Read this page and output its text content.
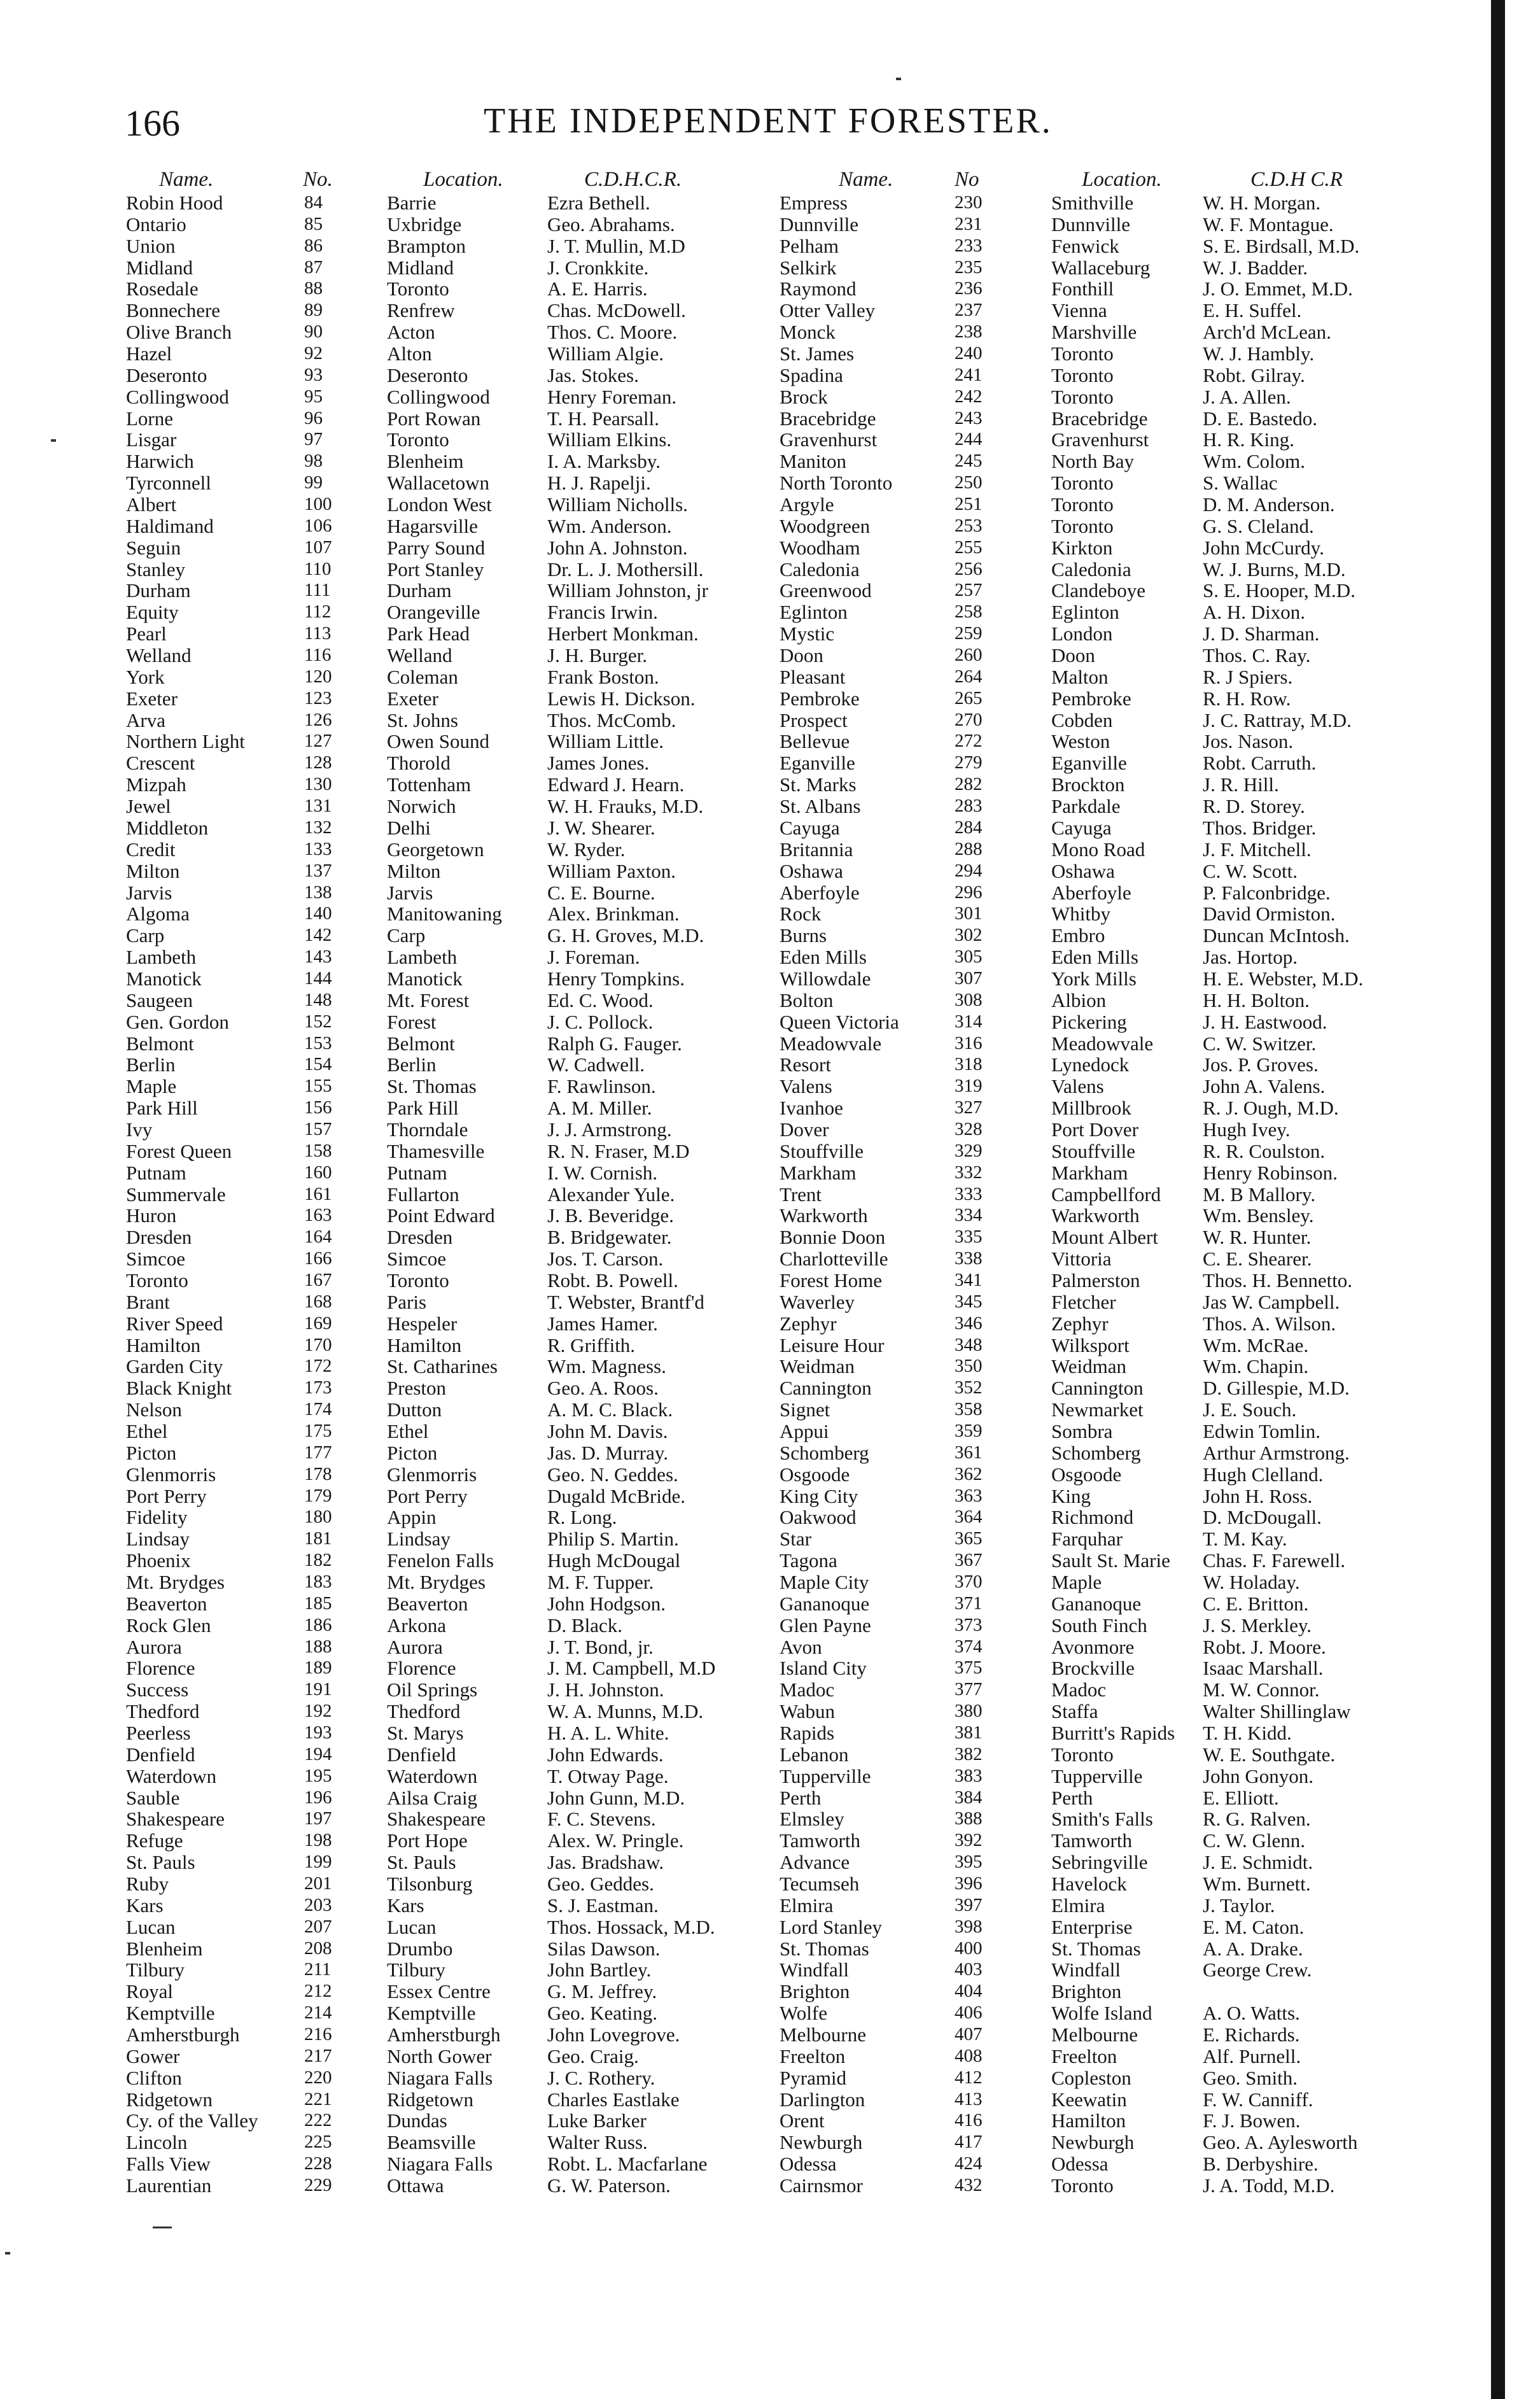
166	THE INDEPENDENT FORESTER.
Name.	No.	Location.	C.D.H.C.R.	Name.	No	Location.	C.D.H C.R
Robin Hood	84	Barrie	Ezra Bethell.	Empress	230	Smithville	W. H. Morgan.
Ontario	85	Uxbridge	Geo. Abrahams.	Dunnville	231	Dunnville	W. F. Montague.
Union	86	Brampton	J. T. Mullin, M.D	Pelham	233	Fenwick	S. E. Birdsall, M.D.
Midland	87	Midland	J. Cronkkite.	Selkirk	235	Wallaceburg	W. J. Badder.
Rosedale	88	Toronto	A. E. Harris.	Raymond	236	Fonthill	J. O. Emmet, M.D.
Bonnechere	89	Renfrew	Chas. McDowell.	Otter Valley	237	Vienna	E. H. Suffel.
Olive Branch	90	Acton	Thos. C. Moore.	Monck	238	Marshville	Arch'd McLean.
Hazel	92	Alton	William Algie.	St. James	240	Toronto	W. J. Hambly.
Deseronto	93	Deseronto	Jas. Stokes.	Spadina	241	Toronto	Robt. Gilray.
Collingwood	95	Collingwood	Henry Foreman.	Brock	242	Toronto	J. A. Allen.
Lorne	96	Port Rowan	T. H. Pearsall.	Bracebridge	243	Bracebridge	D. E. Bastedo.
Lisgar	97	Toronto	William Elkins.	Gravenhurst	244	Gravenhurst	H. R. King.
Harwich	98	Blenheim	I. A. Marksby.	Maniton	245	North Bay	Wm. Colom.
Tyrconnell	99	Wallacetown	H. J. Rapelji.	North Toronto	250	Toronto	S. Wallac
Albert	100	London West	William Nicholls.	Argyle	251	Toronto	D. M. Anderson.
Haldimand	106	Hagarsville	Wm. Anderson.	Woodgreen	253	Toronto	G. S. Cleland.
Seguin	107	Parry Sound	John A. Johnston.	Woodham	255	Kirkton	John McCurdy.
Stanley	110	Port Stanley	Dr. L. J. Mothersill.	Caledonia	256	Caledonia	W. J. Burns, M.D.
Durham	111	Durham	William Johnston, jr	Greenwood	257	Clandeboye	S. E. Hooper, M.D.
Equity	112	Orangeville	Francis Irwin.	Eglinton	258	Eglinton	A. H. Dixon.
Pearl	113	Park Head	Herbert Monkman.	Mystic	259	London	J. D. Sharman.
Welland	116	Welland	J. H. Burger.	Doon	260	Doon	Thos. C. Ray.
York	120	Coleman	Frank Boston.	Pleasant	264	Malton	R. J Spiers.
Exeter	123	Exeter	Lewis H. Dickson.	Pembroke	265	Pembroke	R. H. Row.
Arva	126	St. Johns	Thos. McComb.	Prospect	270	Cobden	J. C. Rattray, M.D.
Northern Light	127	Owen Sound	William Little.	Bellevue	272	Weston	Jos. Nason.
Crescent	128	Thorold	James Jones.	Eganville	279	Eganville	Robt. Carruth.
Mizpah	130	Tottenham	Edward J. Hearn.	St. Marks	282	Brockton	J. R. Hill.
Jewel	131	Norwich	W. H. Frauks, M.D.	St. Albans	283	Parkdale	R. D. Storey.
Middleton	132	Delhi	J. W. Shearer.	Cayuga	284	Cayuga	Thos. Bridger.
Credit	133	Georgetown	W. Ryder.	Britannia	288	Mono Road	J. F. Mitchell.
Milton	137	Milton	William Paxton.	Oshawa	294	Oshawa	C. W. Scott.
Jarvis	138	Jarvis	C. E. Bourne.	Aberfoyle	296	Aberfoyle	P. Falconbridge.
Algoma	140	Manitowaning Alex. Brinkman.	Rock	301	Whitby	David Ormiston.
Carp	142	Carp	G. H. Groves, M.D.	Burns	302	Embro	Duncan McIntosh.
Lambeth	143	Lambeth	J. Foreman.	Eden Mills	305	Eden Mills	Jas. Hortop.
Manotick	144	Manotick	Henry Tompkins.	Willowdale	307	York Mills	H. E. Webster, M.D.
Saugeen	148	Mt. Forest	Ed. C. Wood.	Bolton	308	Albion	H. H. Bolton.
Gen. Gordon	152	Forest	J. C. Pollock.	Queen Victoria	314	Pickering	J. H. Eastwood.
Belmont	153	Belmont	Ralph G. Fauger.	Meadowvale	316	Meadowvale	C. W. Switzer.
Berlin	154	Berlin	W. Cadwell.	Resort	318	Lynedock	Jos. P. Groves.
Maple	155	St. Thomas	F. Rawlinson.	Valens	319	Valens	John A. Valens.
Park Hill	156	Park Hill	A. M. Miller.	Ivanhoe	327	Millbrook	R. J. Ough, M.D.
Ivy	157	Thorndale	J. J. Armstrong.	Dover	328	Port Dover	Hugh Ivey.
Forest Queen	158	Thamesville	R. N. Fraser, M.D	Stouffville	329	Stouffville	R. R. Coulston.
Putnam	160	Putnam	I. W. Cornish.	Markham	332	Markham	Henry Robinson.
Summervale	161	Fullarton	Alexander Yule.	Trent	333	Campbellford M. B Mallory.
Huron	163	Point Edward	J. B. Beveridge.	Warkworth	334	Warkworth	Wm. Bensley.
Dresden	164	Dresden	B. Bridgewater.	Bonnie Doon	335	Mount Albert W. R. Hunter.
Simcoe	166	Simcoe	Jos. T. Carson.	Charlotteville	338	Vittoria	C. E. Shearer.
Toronto	167	Toronto	Robt. B. Powell.	Forest Home	341	Palmerston	Thos. H. Bennetto.
Brant	168	Paris	T. Webster, Brantf'd	Waverley	345	Fletcher	Jas W. Campbell.
River Speed	169	Hespeler	James Hamer.	Zephyr	346	Zephyr	Thos. A. Wilson.
Hamilton	170	Hamilton	R. Griffith.	Leisure Hour	348	Wilksport	Wm. McRae.
Garden City	172	St. Catharines	Wm. Magness.	Weidman	350	Weidman	Wm. Chapin.
Black Knight	173	Preston	Geo. A. Roos.	Cannington	352	Cannington	D. Gillespie, M.D.
Nelson	174	Dutton	A. M. C. Black.	Signet	358	Newmarket	J. E. Souch.
Ethel	175	Ethel	John M. Davis.	Appui	359	Sombra	Edwin Tomlin.
Picton	177	Picton	Jas. D. Murray.	Schomberg	361	Schomberg	Arthur Armstrong.
Glenmorris	178	Glenmorris	Geo. N. Geddes.	Osgoode	362	Osgoode	Hugh Clelland.
Port Perry	179	Port Perry	Dugald McBride.	King City	363	King	John H. Ross.
Fidelity	180	Appin	R. Long.	Oakwood	364	Richmond	D. McDougall.
Lindsay	181	Lindsay	Philip S. Martin.	Star	365	Farquhar	T. M. Kay.
Phoenix	182	Fenelon Falls	Hugh McDougal	Tagona	367	Sault St. Marie Chas. F. Farewell.
Mt. Brydges	183	Mt. Brydges	M. F. Tupper.	Maple City	370	Maple	W. Holaday.
Beaverton	185	Beaverton	John Hodgson.	Gananoque	371	Gananoque	C. E. Britton.
Rock Glen	186	Arkona	D. Black.	Glen Payne	373	South Finch	J. S. Merkley.
Aurora	188	Aurora	J. T. Bond, jr.	Avon	374	Avonmore	Robt. J. Moore.
Florence	189	Florence	J. M. Campbell, M.D	Island City	375	Brockville	Isaac Marshall.
Success	191	Oil Springs	J. H. Johnston.	Madoc	377	Madoc	M. W. Connor.
Thedford	192	Thedford	W. A. Munns, M.D.	Wabun	380	Staffa	Walter Shillinglaw
Peerless	193	St. Marys	H. A. L. White.	Rapids	381	Burritt's Rapids T. H. Kidd.
Denfield	194	Denfield	John Edwards.	Lebanon	382	Toronto	W. E. Southgate.
Waterdown	195	Waterdown	T. Otway Page.	Tupperville	383	Tupperville	John Gonyon.
Sauble	196	Ailsa Craig	John Gunn, M.D.	Perth	384	Perth	E. Elliott.
Shakespeare	197	Shakespeare	F. C. Stevens.	Elmsley	388	Smith's Falls	R. G. Ralven.
Refuge	198	Port Hope	Alex. W. Pringle.	Tamworth	392	Tamworth	C. W. Glenn.
St. Pauls	199	St. Pauls	Jas. Bradshaw.	Advance	395	Sebringville	J. E. Schmidt.
Ruby	201	Tilsonburg	Geo. Geddes.	Tecumseh	396	Havelock	Wm. Burnett.
Kars	203	Kars	S. J. Eastman.	Elmira	397	Elmira	J. Taylor.
Lucan	207	Lucan	Thos. Hossack, M.D.	Lord Stanley	398	Enterprise	E. M. Caton.
Blenheim	208	Drumbo	Silas Dawson.	St. Thomas	400	St. Thomas	A. A. Drake.
Tilbury	211	Tilbury	John Bartley.	Windfall	403	Windfall	George Crew.
Royal	212	Essex Centre	G. M. Jeffrey.	Brighton	404	Brighton
Kemptville	214	Kemptville	Geo. Keating.	Wolfe	406	Wolfe Island	A. O. Watts.
Amherstburgh	216	Amherstburgh John Lovegrove.	Melbourne	407	Melbourne	E. Richards.
Gower	217	North Gower	Geo. Craig.	Freelton	408	Freelton	Alf. Purnell.
Clifton	220	Niagara Falls	J. C. Rothery.	Pyramid	412	Copleston	Geo. Smith.
Ridgetown	221	Ridgetown	Charles Eastlake	Darlington	413	Keewatin	F. W. Canniff.
Cy. of the Valley	222	Dundas	Luke Barker	Orent	416	Hamilton	F. J. Bowen.
Lincoln	225	Beamsville	Walter Russ.	Newburgh	417	Newburgh	Geo. A. Aylesworth
Falls View	228	Niagara Falls	Robt. L. Macfarlane	Odessa	424	Odessa	B. Derbyshire.
Laurentian	229	Ottawa	G. W. Paterson.	Cairnsmor	432	Toronto	J. A. Todd, M.D.
